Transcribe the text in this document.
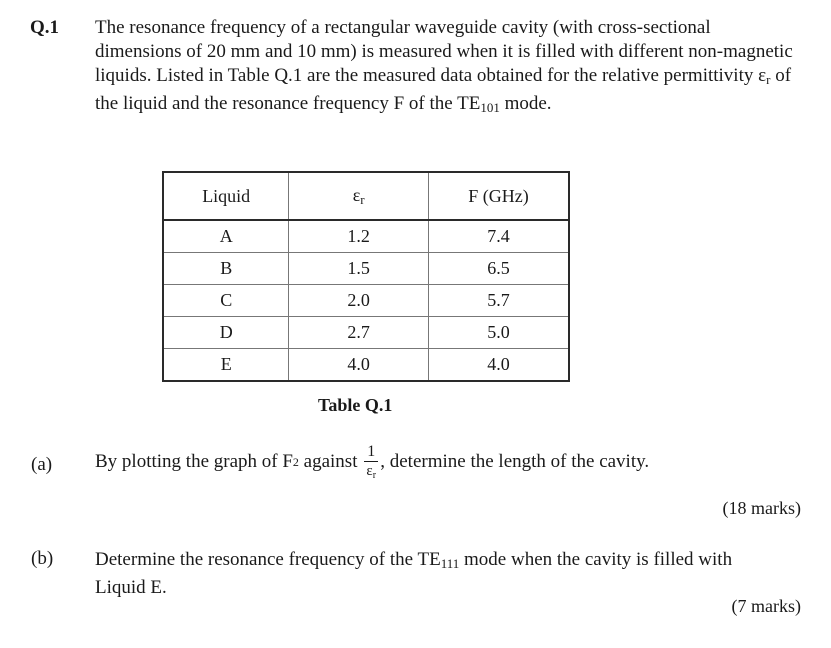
Q.1 The resonance frequency of a rectangular waveguide cavity (with cross-sectional dimensions of 20 mm and 10 mm) is measured when it is filled with different non-magnetic liquids. Listed in Table Q.1 are the measured data obtained for the relative permittivity $\varepsilon_r$ of the liquid and the resonance frequency F of the $TE_{101}$ mode.
Liquid	$\varepsilon_r$	F (GHz)
A	1.2	7.4
B	1.5	6.5
C	2.0	5.7
D	2.7	5.0
E	4.0	4.0
Table Q.1
(a) By plotting the graph of F 2 against $\frac{1}{\varepsilon_r}$ , determine the length of the cavity.
(18 marks)
(b) Determine the resonance frequency of the $TE_{111}$ mode when the cavity is filled with Liquid E.
(7 marks)
